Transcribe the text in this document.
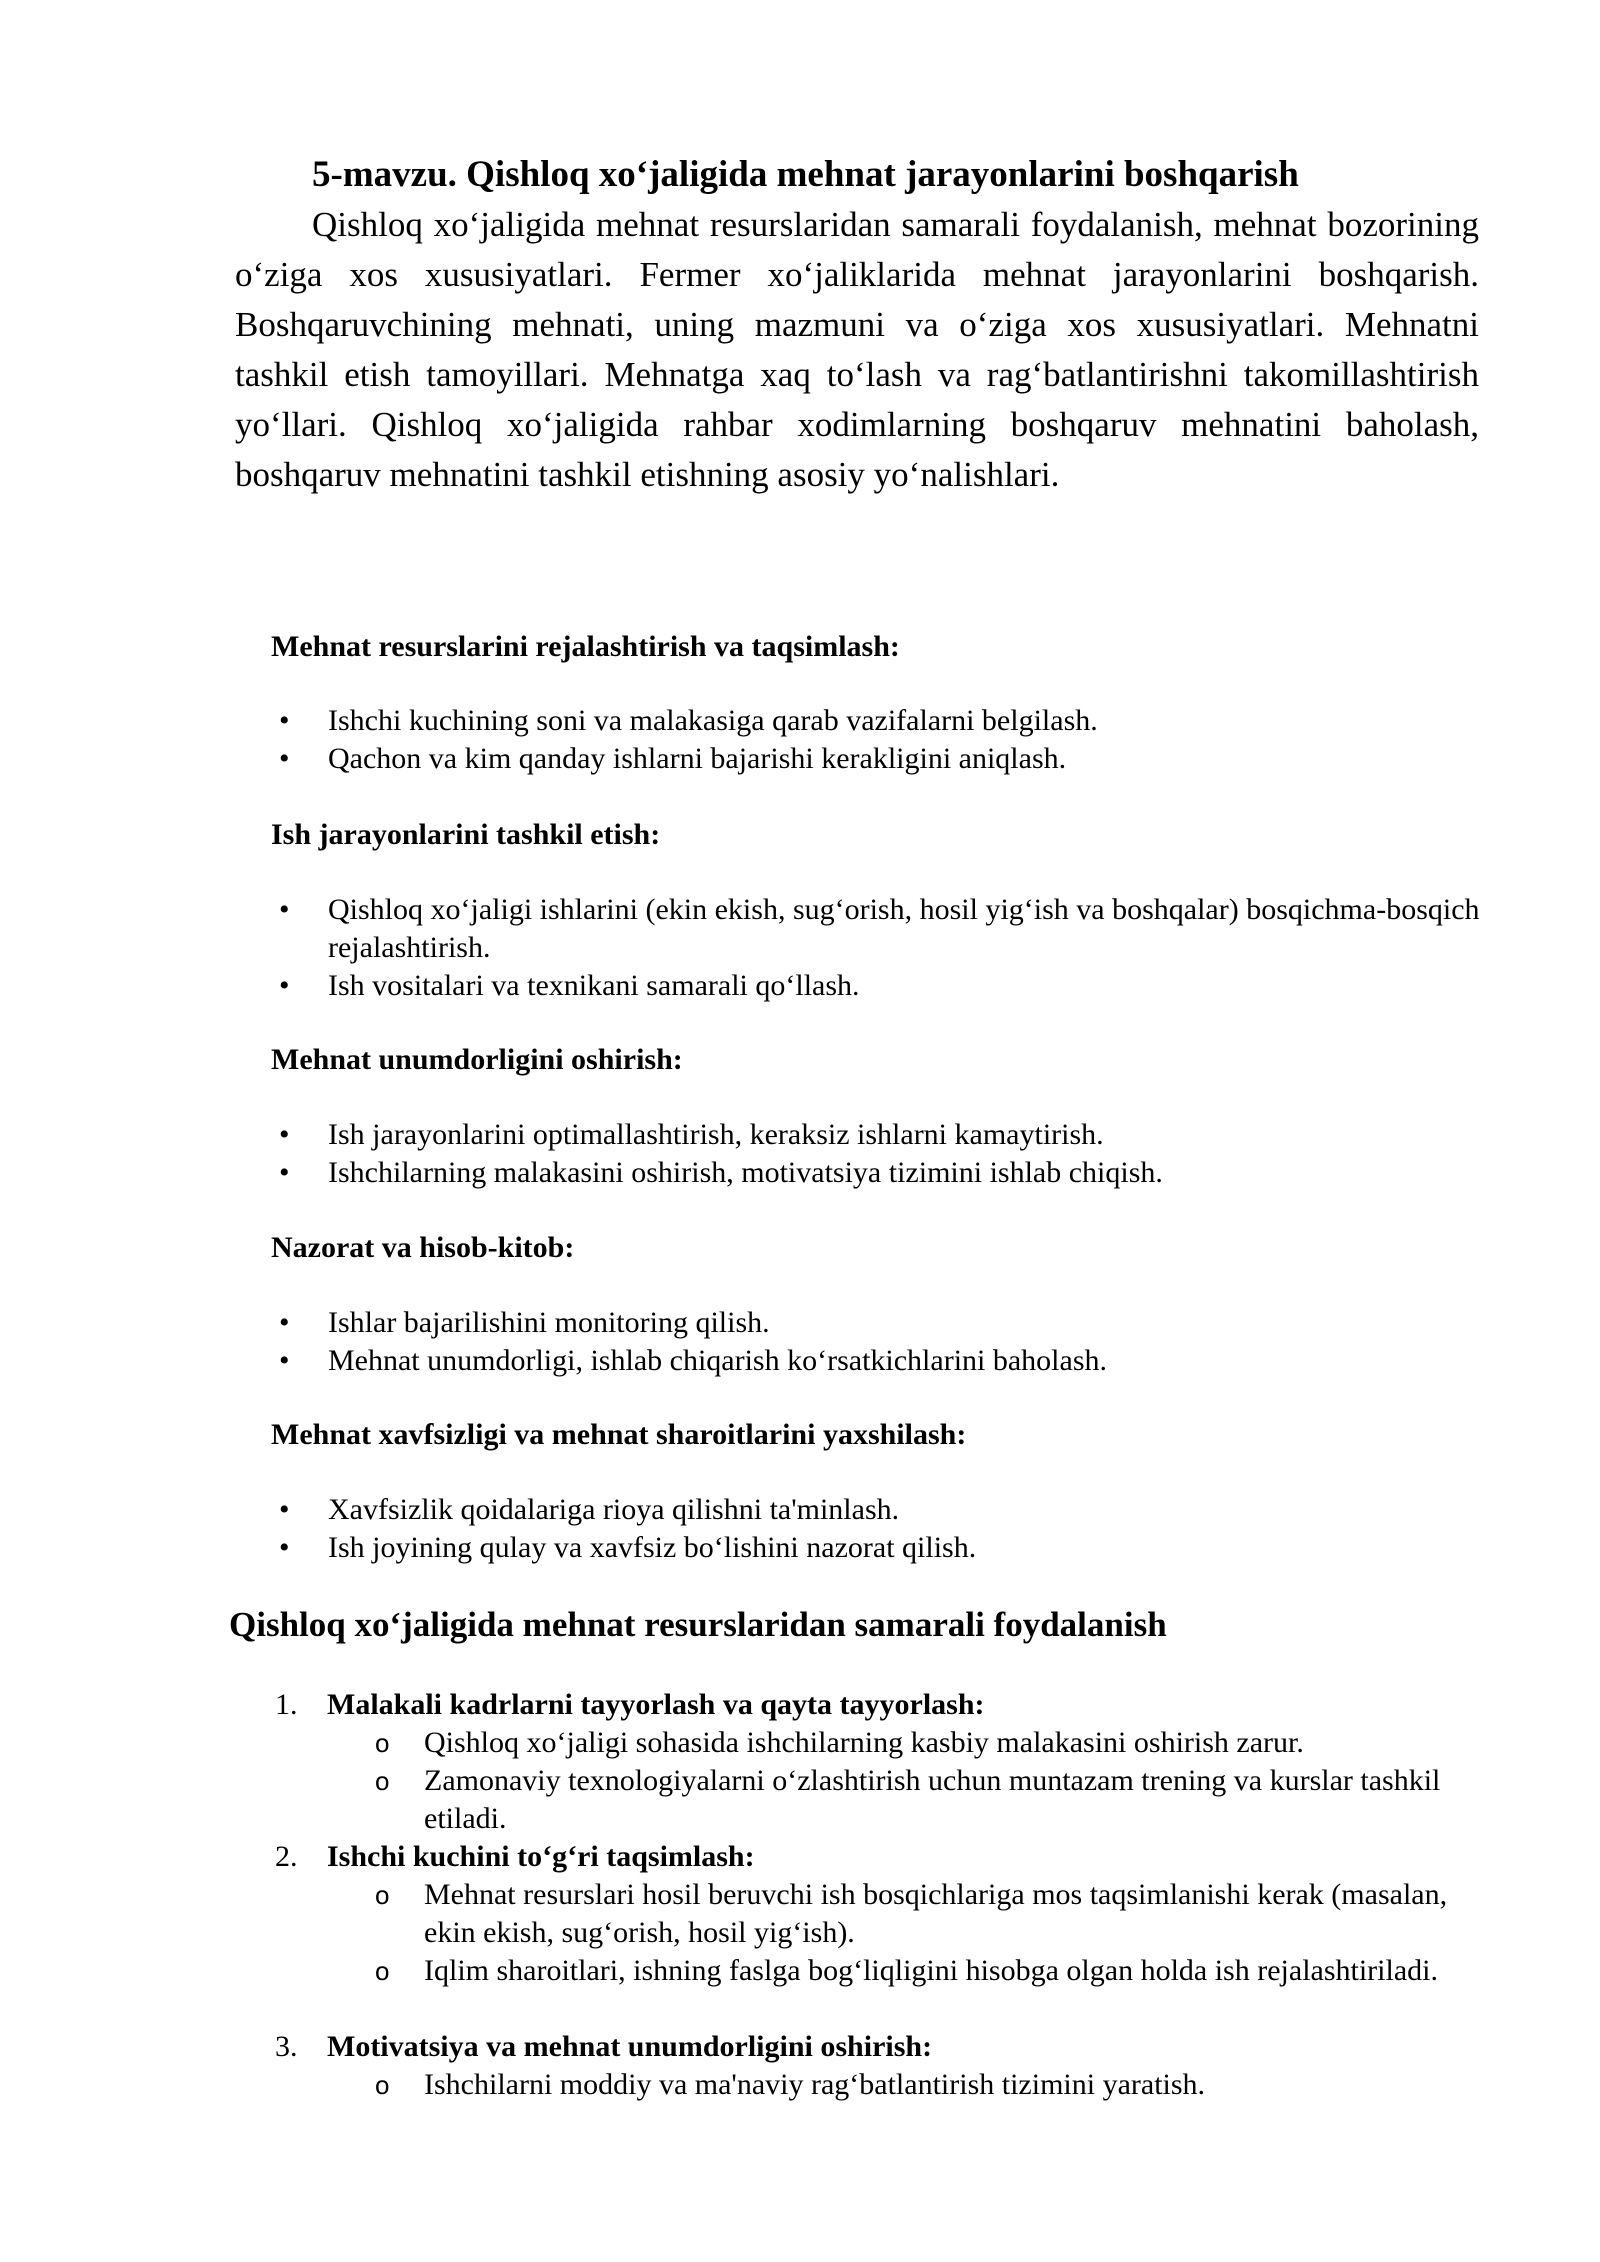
5-mavzu. Qishloq xo‘jaligida mehnat jarayonlarini boshqarish

Qishloq xo‘jaligida mehnat resurslaridan samarali foydalanish, mehnat bozorining o‘ziga xos xususiyatlari. Fermer xo‘jaliklarida mehnat jarayonlarini boshqarish. Boshqaruvchining mehnati, uning mazmuni va o‘ziga xos xususiyatlari. Mehnatni tashkil etish tamoyillari. Mehnatga xaq to‘lash va rag‘batlantirishni takomillashtirish yo‘llari. Qishloq xo‘jaligida rahbar xodimlarning boshqaruv mehnatini baholash, boshqaruv mehnatini tashkil etishning asosiy yo‘nalishlari.

Mehnat resurslarini rejalashtirish va taqsimlash:
• Ishchi kuchining soni va malakasiga qarab vazifalarni belgilash.
• Qachon va kim qanday ishlarni bajarishi kerakligini aniqlash.
Ish jarayonlarini tashkil etish:
• Qishloq xo‘jaligi ishlarini (ekin ekish, sug‘orish, hosil yig‘ish va boshqalar) bosqichma-bosqich rejalashtirish.
• Ish vositalari va texnikani samarali qo‘llash.
Mehnat unumdorligini oshirish:
• Ish jarayonlarini optimallashtirish, keraksiz ishlarni kamaytirish.
• Ishchilarning malakasini oshirish, motivatsiya tizimini ishlab chiqish.
Nazorat va hisob-kitob:
• Ishlar bajarilishini monitoring qilish.
• Mehnat unumdorligi, ishlab chiqarish ko‘rsatkichlarini baholash.
Mehnat xavfsizligi va mehnat sharoitlarini yaxshilash:
• Xavfsizlik qoidalariga rioya qilishni ta'minlash.
• Ish joyining qulay va xavfsiz bo‘lishini nazorat qilish.
Qishloq xo‘jaligida mehnat resurslaridan samarali foydalanish
1. Malakali kadrlarni tayyorlash va qayta tayyorlash:
o Qishloq xo‘jaligi sohasida ishchilarning kasbiy malakasini oshirish zarur.
o Zamonaviy texnologiyalarni o‘zlashtirish uchun muntazam trening va kurslar tashkil etiladi.
2. Ishchi kuchini to‘g‘ri taqsimlash:
o Mehnat resurslari hosil beruvchi ish bosqichlariga mos taqsimlanishi kerak (masalan, ekin ekish, sug‘orish, hosil yig‘ish).
o Iqlim sharoitlari, ishning faslga bog‘liqligini hisobga olgan holda ish rejalashtiriladi.
3. Motivatsiya va mehnat unumdorligini oshirish:
o Ishchilarni moddiy va ma'naviy rag‘batlantirish tizimini yaratish.
